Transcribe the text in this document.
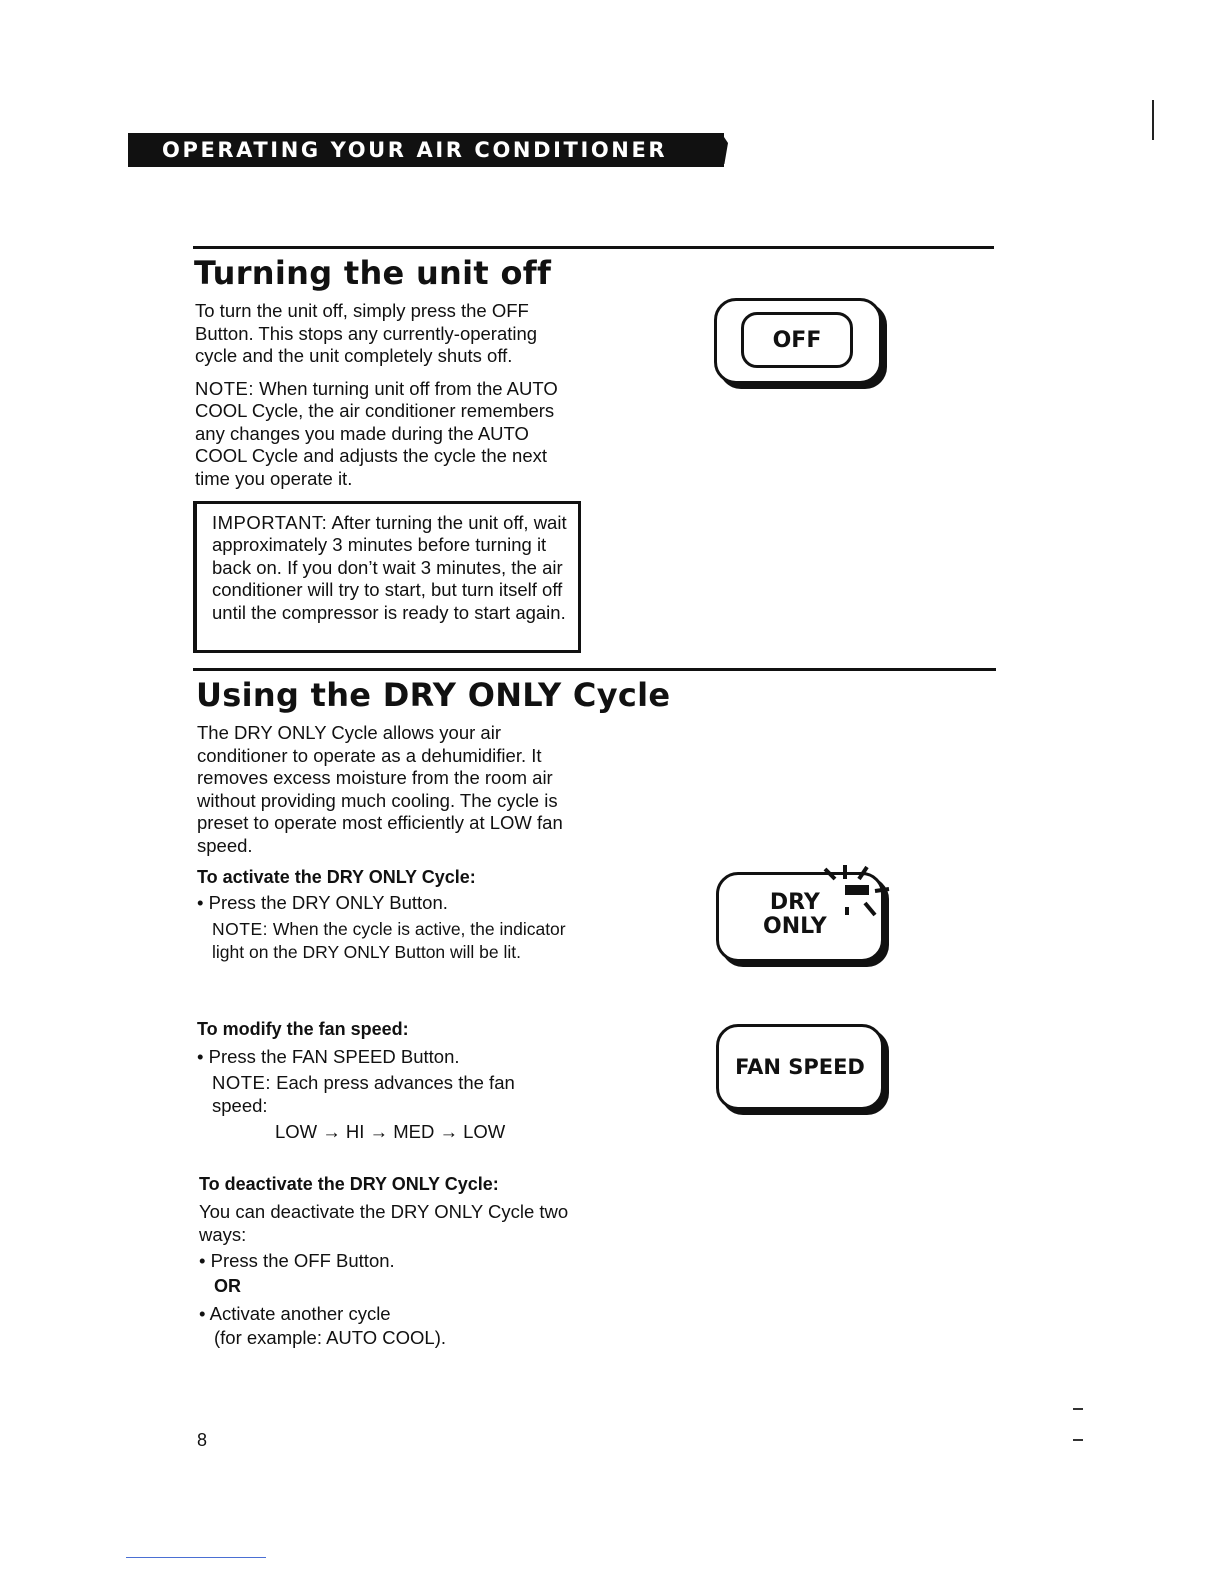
OPERATING YOUR AIR CONDITIONER
Turning the unit off

To turn the unit off, simply press the OFF Button. This stops any currently-operating cycle and the unit completely shuts off.

NOTE: When turning unit off from the AUTO COOL Cycle, the air conditioner remembers any changes you made during the AUTO COOL Cycle and adjusts the cycle the next time you operate it.

IMPORTANT: After turning the unit off, wait approximately 3 minutes before turning it back on. If you don’t wait 3 minutes, the air conditioner will try to start, but turn itself off until the compressor is ready to start again.
OFF
Using the DRY ONLY Cycle
The DRY ONLY Cycle allows your air conditioner to operate as a dehumidifier. It removes excess moisture from the room air without providing much cooling. The cycle is preset to operate most efficiently at LOW fan speed.
To activate the DRY ONLY Cycle:
• Press the DRY ONLY Button.
NOTE: When the cycle is active, the indicator light on the DRY ONLY Button will be lit.
DRY
ONLY
To modify the fan speed:
• Press the FAN SPEED Button.
NOTE: Each press advances the fan speed:
LOW → HI → MED → LOW
FAN SPEED
To deactivate the DRY ONLY Cycle:
You can deactivate the DRY ONLY Cycle two ways:
• Press the OFF Button.
OR
• Activate another cycle
(for example: AUTO COOL).
8
